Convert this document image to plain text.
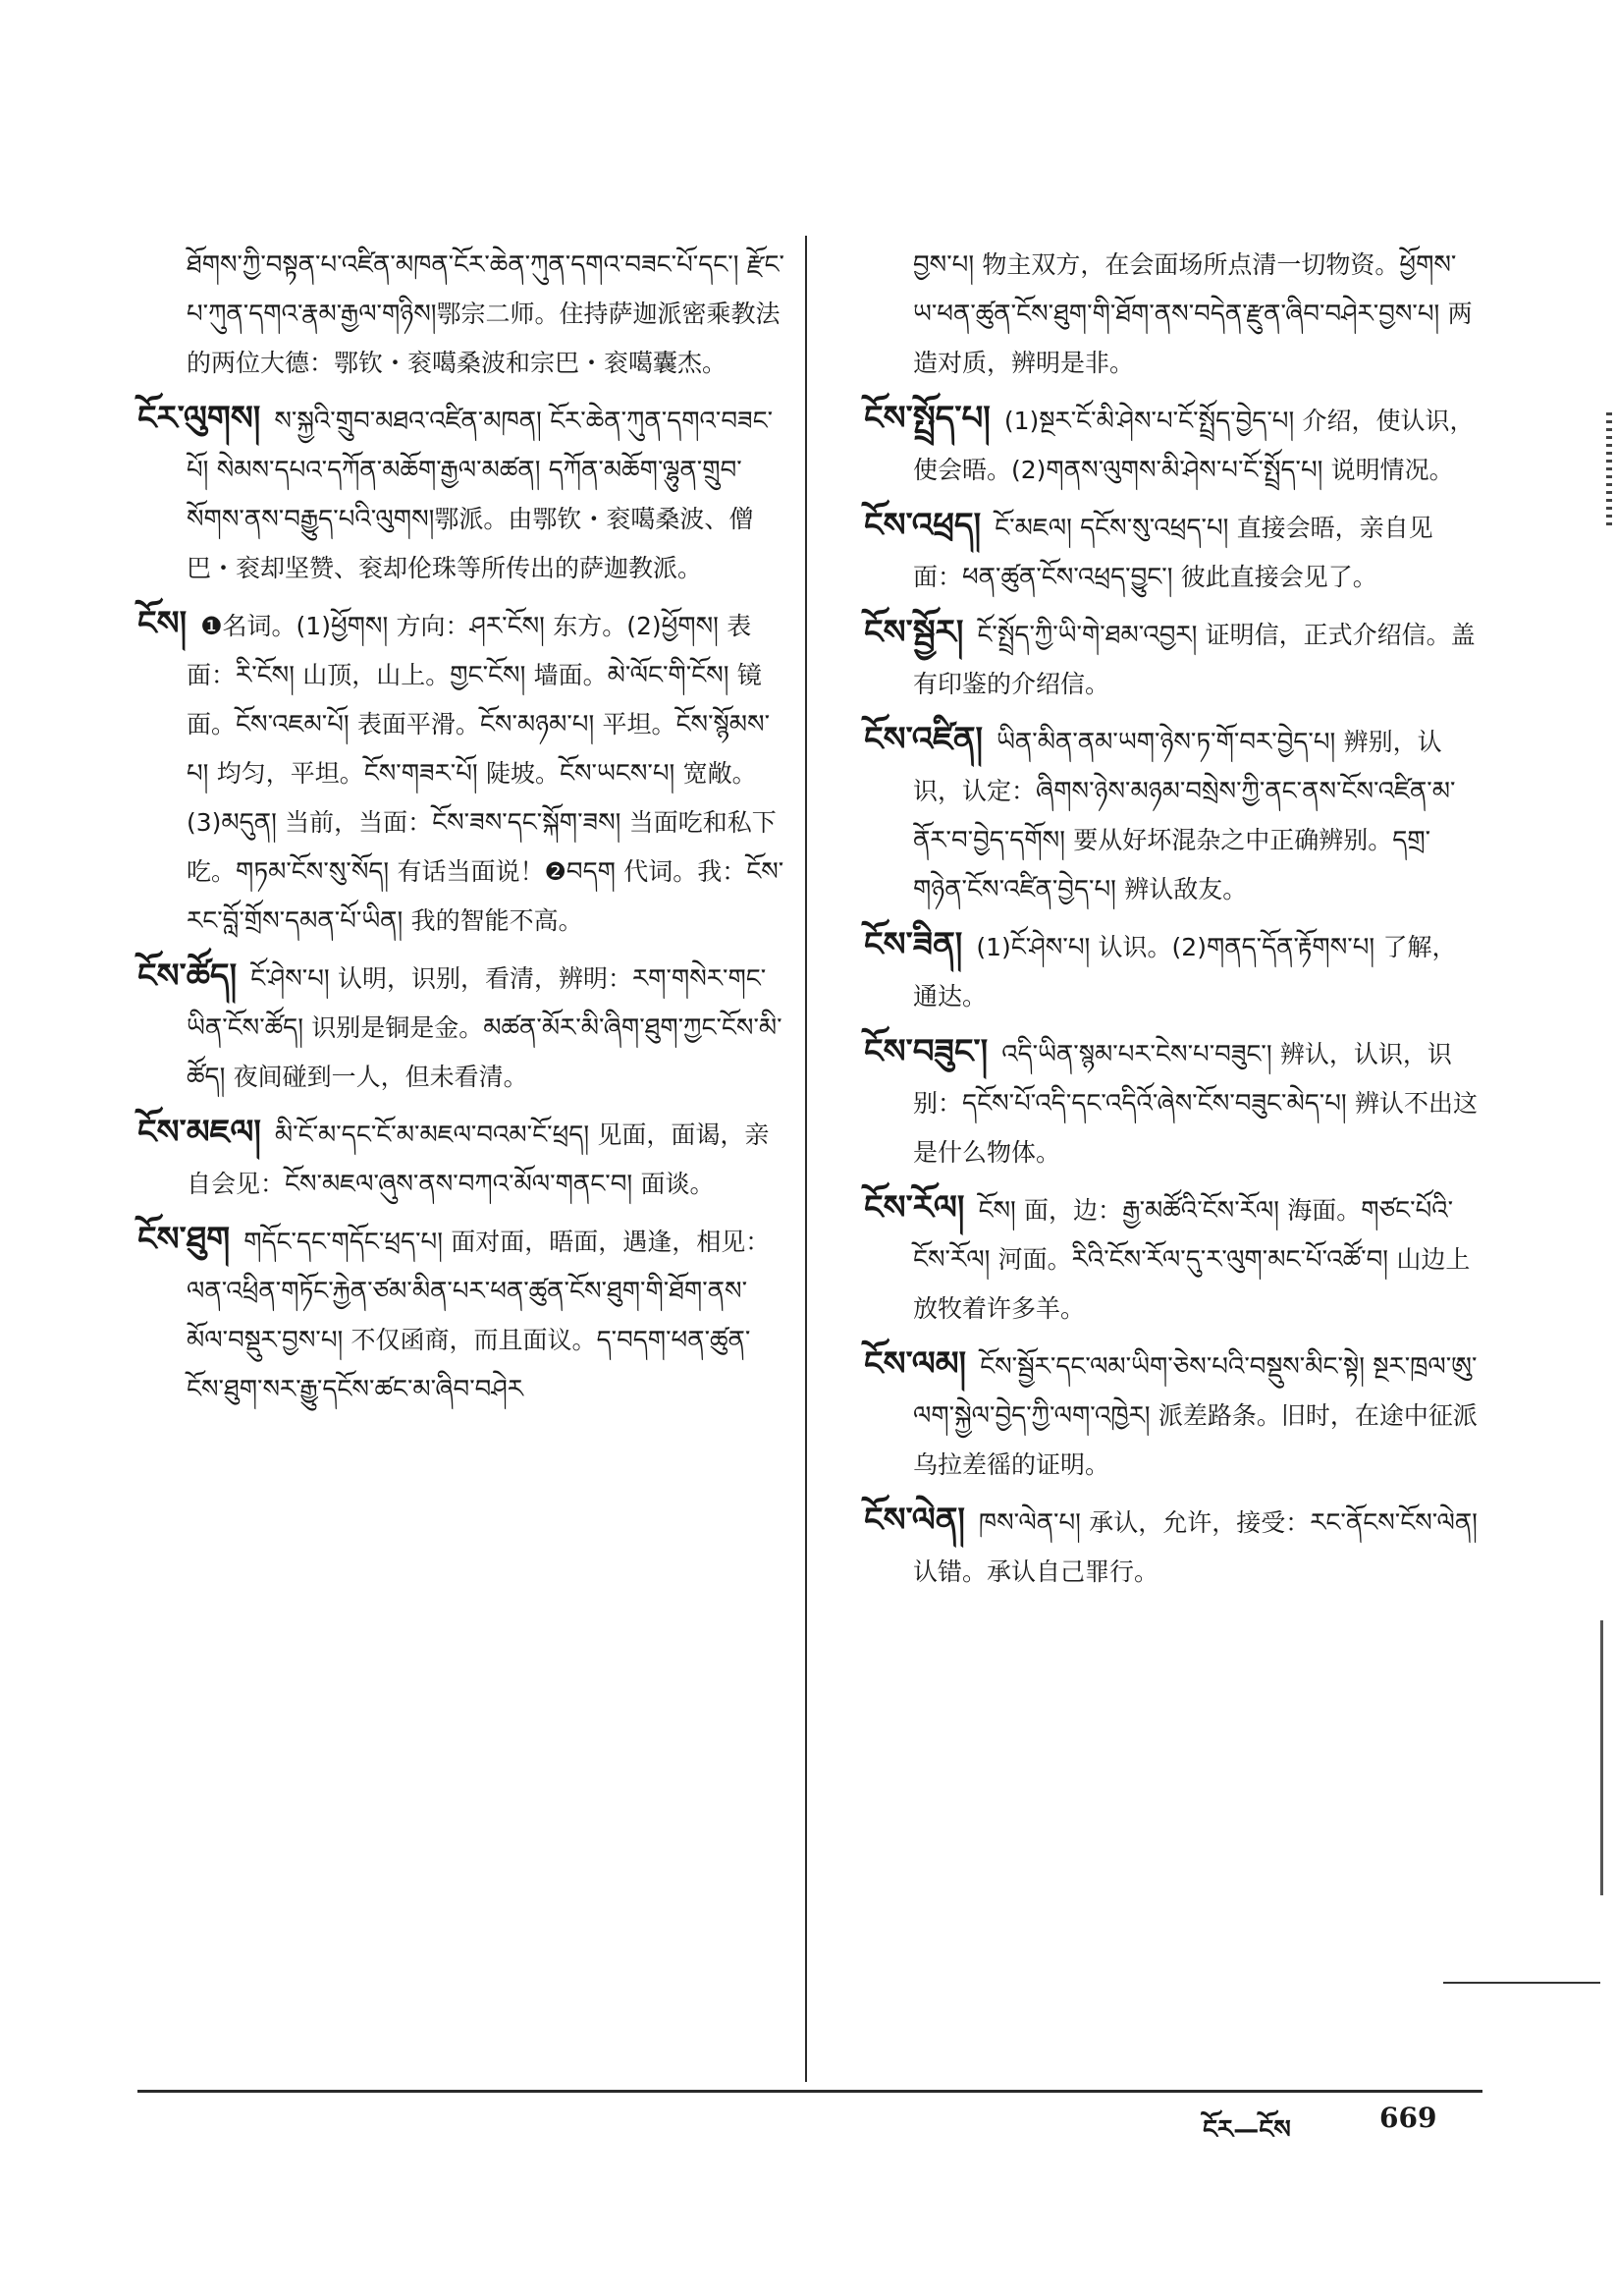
ཐོགས་ཀྱི་བསྟན་པ་འཛིན་མཁན་ངོར་ཆེན་ཀུན་དགའ་བཟང་པོ་དང་། རྫོང་པ་ཀུན་དགའ་རྣམ་རྒྱལ་གཉིས།鄂宗二师。住持萨迦派密乘教法的两位大德：鄂钦・衮噶桑波和宗巴・衮噶囊杰。

ངོར་ལུགས། ས་སྐྱའི་གྲུབ་མཐའ་འཛིན་མཁན། ངོར་ཆེན་ཀུན་དགའ་བཟང་པོ། སེམས་དཔའ་དཀོན་མཆོག་རྒྱལ་མཚན། དཀོན་མཆོག་ལྷུན་གྲུབ་སོགས་ནས་བརྒྱུད་པའི་ལུགས།鄂派。由鄂钦・衮噶桑波、僧巴・衮却坚赞、衮却伦珠等所传出的萨迦教派。

ངོས། ❶名词。(1)ཕྱོགས། 方向：ཤར་ངོས། 东方。(2)ཕྱོགས། 表面：རི་ངོས། 山顶，山上。གྱང་ངོས། 墙面。མེ་ལོང་གི་ངོས། 镜面。ངོས་འཇམ་པོ། 表面平滑。ངོས་མཉམ་པ། 平坦。ངོས་སྙོམས་པ། 均匀，平坦。ངོས་གཟར་པོ། 陡坡。ངོས་ཡངས་པ། 宽敞。(3)མདུན། 当前，当面：ངོས་ཟས་དང་སྐོག་ཟས། 当面吃和私下吃。གཏམ་ངོས་སུ་སོད། 有话当面说！❷བདག 代词。我：ངོས་རང་བློ་གྲོས་དམན་པོ་ཡིན། 我的智能不高。

ངོས་ཚོད། ངོ་ཤེས་པ། 认明，识别，看清，辨明：རག་གསེར་གང་ཡིན་ངོས་ཚོད། 识别是铜是金。མཚན་མོར་མི་ཞིག་ཐུག་ཀྱང་ངོས་མི་ཚོད། 夜间碰到一人，但未看清。

ངོས་མཇལ། མི་ངོ་མ་དང་ངོ་མ་མཇལ་བའམ་ངོ་ཕྲད། 见面，面谒，亲自会见：ངོས་མཇལ་ཞུས་ནས་བཀའ་མོལ་གནང་བ། 面谈。

ངོས་ཐུག གདོང་དང་གདོང་ཕྲད་པ། 面对面，晤面，遇逢，相见：ལན་འཕྲིན་གཏོང་རྐྱེན་ཙམ་མིན་པར་ཕན་ཚུན་ངོས་ཐུག་གི་ཐོག་ནས་མོལ་བསྡུར་བྱས་པ། 不仅函商，而且面议。ད་བདག་ཕན་ཚུན་ངོས་ཐུག་སར་རྒྱུ་དངོས་ཚང་མ་ཞིབ་བཤེར

བྱས་པ། 物主双方，在会面场所点清一切物资。ཕྱོགས་ཡ་ཕན་ཚུན་ངོས་ཐུག་གི་ཐོག་ནས་བདེན་རྫུན་ཞིབ་བཤེར་བྱས་པ། 两造对质，辨明是非。

ངོས་སྤྲོད་པ། (1)སྔར་ངོ་མི་ཤེས་པ་ངོ་སྤྲོད་བྱེད་པ། 介绍，使认识，使会晤。(2)གནས་ལུགས་མི་ཤེས་པ་ངོ་སྤྲོད་པ། 说明情况。

ངོས་འཕྲད། ངོ་མཇལ། དངོས་སུ་འཕྲད་པ། 直接会晤，亲自见面：ཕན་ཚུན་ངོས་འཕྲད་བྱུང་། 彼此直接会见了。

ངོས་སྦྱོར། ངོ་སྤྲོད་ཀྱི་ཡི་གེ་ཐམ་འབྱར། 证明信，正式介绍信。盖有印鉴的介绍信。

ངོས་འཛིན། ཡིན་མིན་ནམ་ཡག་ཉེས་ཏ་གོ་བར་བྱེད་པ། 辨别，认识，认定：ཞིགས་ཉེས་མཉམ་བསྲེས་ཀྱི་ནང་ནས་ངོས་འཛིན་མ་ནོར་བ་བྱེད་དགོས། 要从好坏混杂之中正确辨别。དགྲ་གཉེན་ངོས་འཛིན་བྱེད་པ། 辨认敌友。

ངོས་ཟིན། (1)ངོ་ཤེས་པ། 认识。(2)གནད་དོན་རྟོགས་པ། 了解，通达。

ངོས་བཟུང་། འདི་ཡིན་སྙམ་པར་ངེས་པ་བཟུང་། 辨认，认识，识别：དངོས་པོ་འདི་དང་འདིའོ་ཞེས་ངོས་བཟུང་མེད་པ། 辨认不出这是什么物体。

ངོས་རོལ། ངོས། 面，边：རྒྱ་མཚོའི་ངོས་རོལ། 海面。གཙང་པོའི་ངོས་རོལ། 河面。རིའི་ངོས་རོལ་དུ་ར་ལུག་མང་པོ་འཚོ་བ། 山边上放牧着许多羊。

ངོས་ལམ། ངོས་སྦྱོར་དང་ལམ་ཡིག་ཅེས་པའི་བསྡུས་མིང་སྟེ། སྔར་ཁྲལ་ཨུ་ལག་སྐྱེལ་བྱེད་ཀྱི་ལག་འཁྱེར། 派差路条。旧时，在途中征派乌拉差徭的证明。

ངོས་ལེན། ཁས་ལེན་པ། 承认，允许，接受：རང་ནོངས་ངོས་ལེན། 认错。承认自己罪行。

ངོར—ངོས	669
